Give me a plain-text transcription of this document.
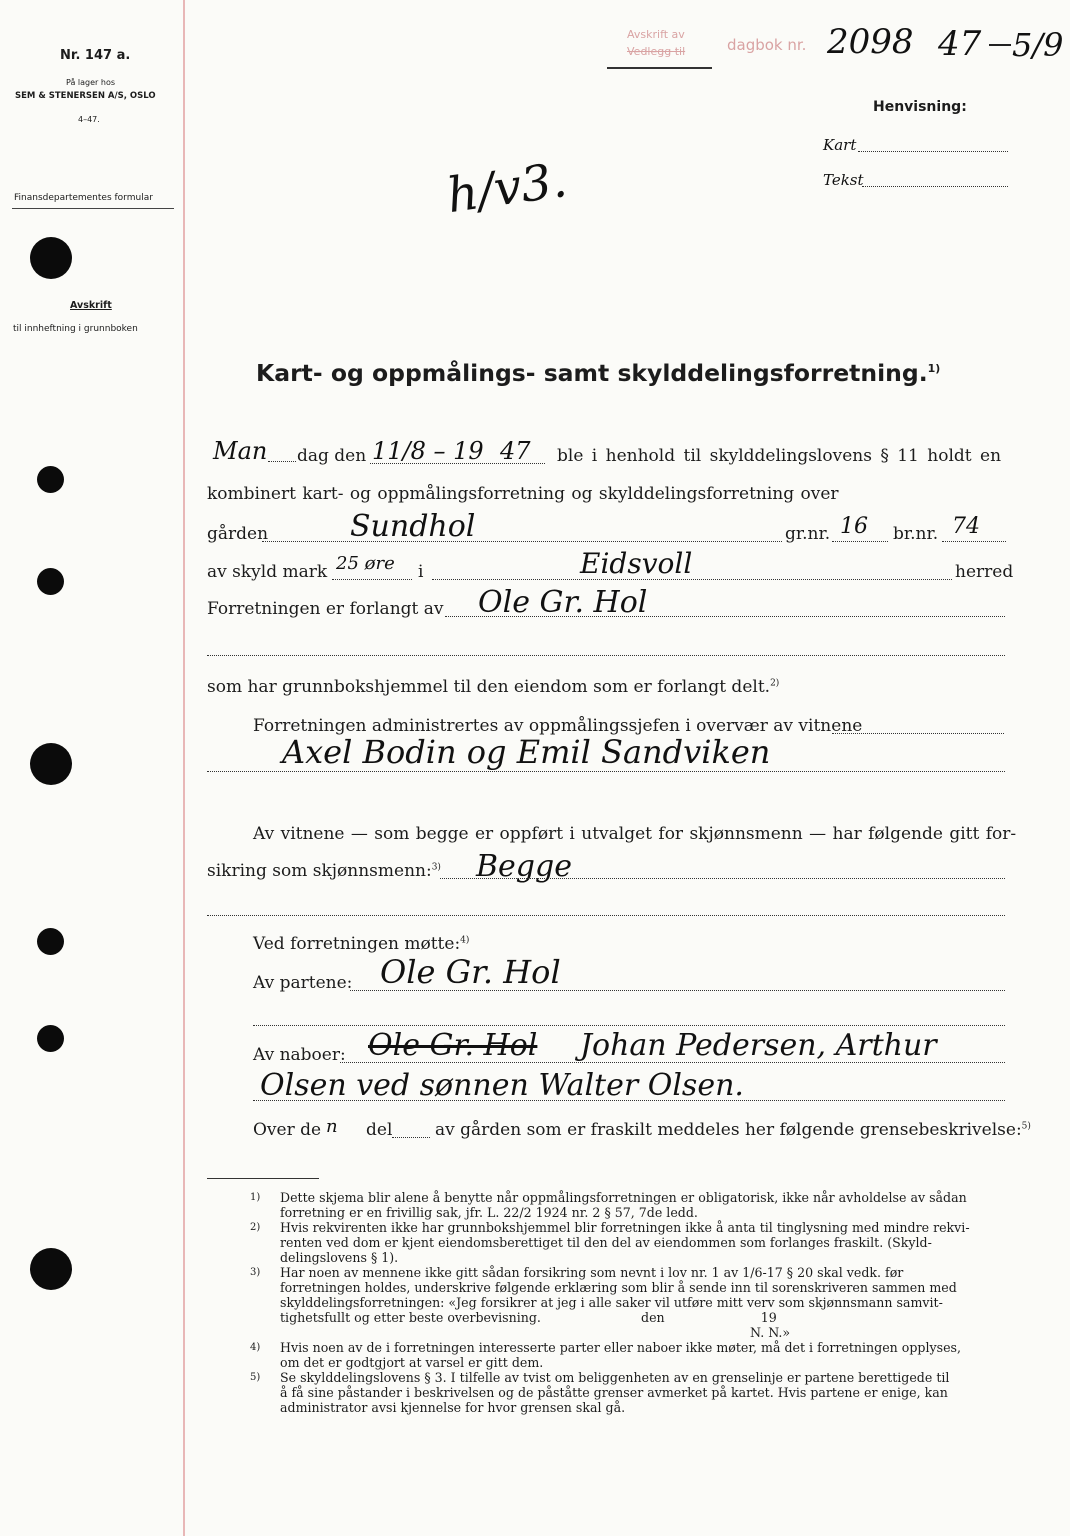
Nr. 147 a.
På lager hos
SEM & STENERSEN A/S, OSLO
4–47.
Finansdepartementes formular
Avskrift
til innheftning i grunnboken
Avskrift av
Vedlegg til	dagbok nr. 2098 47 5/9
Henvisning:
Kart
Tekst
h/v3.
Kart- og oppmålings- samt skylddelingsforretning.$^{1)}$
Man dag den 11/8 – 19 47 ble i henhold til skylddelingslovens § 11 holdt en
kombinert kart- og oppmålingsforretning og skylddelingsforretning over
gården	Sundhol	gr.nr. 16 br.nr. 74
av skyld mark 25 øre i	Eidsvoll	herred
Forretningen er forlangt av Ole Gr. Hol
som har grunnbokshjemmel til den eiendom som er forlangt delt.$^{2)}$
Forretningen administrertes av oppmålingssjefen i overvær av vitnene
Axel Bodin og Emil Sandviken
Av vitnene — som begge er oppført i utvalget for skjønnsmenn — har følgende gitt for-
sikring som skjønnsmenn:$^{3)}$ Begge
Ved forretningen møtte:$^{4)}$
Av partene: Ole Gr. Hol
Av naboer: Ole Gr. Hol Johan Pedersen, Arthur
Olsen ved sønnen Walter Olsen.
Over de n del	av gården som er fraskilt meddeles her følgende grensebeskrivelse:$^{5)}$
1) Dette skjema blir alene å benytte når oppmålingsforretningen er obligatorisk, ikke når avholdelse av sådan
forretning er en frivillig sak, jfr. L. 22/2 1924 nr. 2 § 57, 7de ledd.
2) Hvis rekvirenten ikke har grunnbokshjemmel blir forretningen ikke å anta til tinglysning med mindre rekvi-
renten ved dom er kjent eiendomsberettiget til den del av eiendommen som forlanges fraskilt. (Skyld-
delingslovens § 1).
3) Har noen av mennene ikke gitt sådan forsikring som nevnt i lov nr. 1 av 1/6-17 § 20 skal vedk. før
forretningen holdes, underskrive følgende erklæring som blir å sende inn til sorenskriveren sammen med
skylddelingsforretningen: «Jeg forsikrer at jeg i alle saker vil utføre mitt verv som skjønnsmann samvit-
tighetsfullt og etter beste overbevisning.                         den                        19
N. N.»
4) Hvis noen av de i forretningen interesserte parter eller naboer ikke møter, må det i forretningen opplyses,
om det er godtgjort at varsel er gitt dem.
5) Se skylddelingslovens § 3. I tilfelle av tvist om beliggenheten av en grenselinje er partene berettigede til
å få sine påstander i beskrivelsen og de påståtte grenser avmerket på kartet. Hvis partene er enige, kan
administrator avsi kjennelse for hvor grensen skal gå.
